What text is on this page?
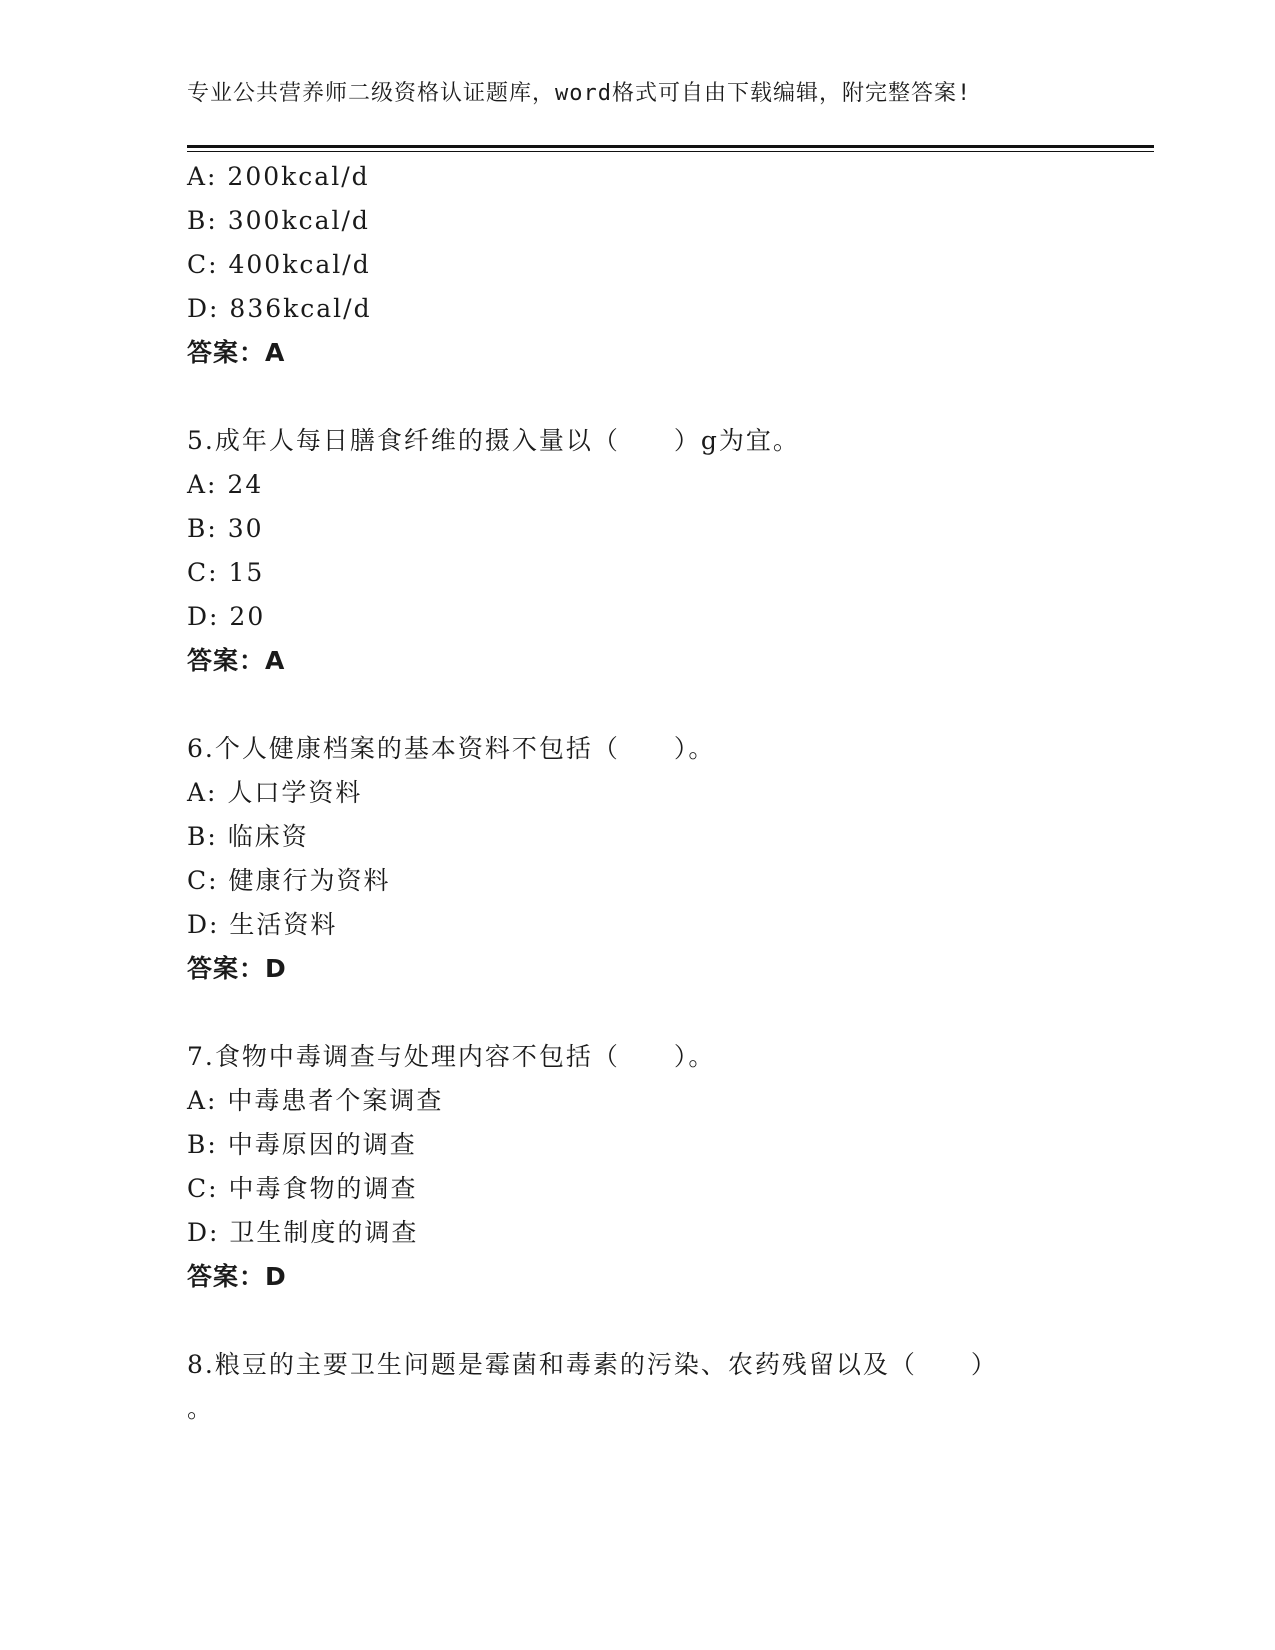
专业公共营养师二级资格认证题库，word格式可自由下载编辑，附完整答案!
A: 200kcal/d
B: 300kcal/d
C: 400kcal/d
D: 836kcal/d
答案：A
5.成年人每日膳食纤维的摄入量以（　　）g为宜。
A: 24
B: 30
C: 15
D: 20
答案：A
6.个人健康档案的基本资料不包括（　　）。
A: 人口学资料
B: 临床资
C: 健康行为资料
D: 生活资料
答案：D
7.食物中毒调查与处理内容不包括（　　）。
A: 中毒患者个案调查
B: 中毒原因的调查
C: 中毒食物的调查
D: 卫生制度的调查
答案：D
8.粮豆的主要卫生问题是霉菌和毒素的污染、农药残留以及（　　）
。
